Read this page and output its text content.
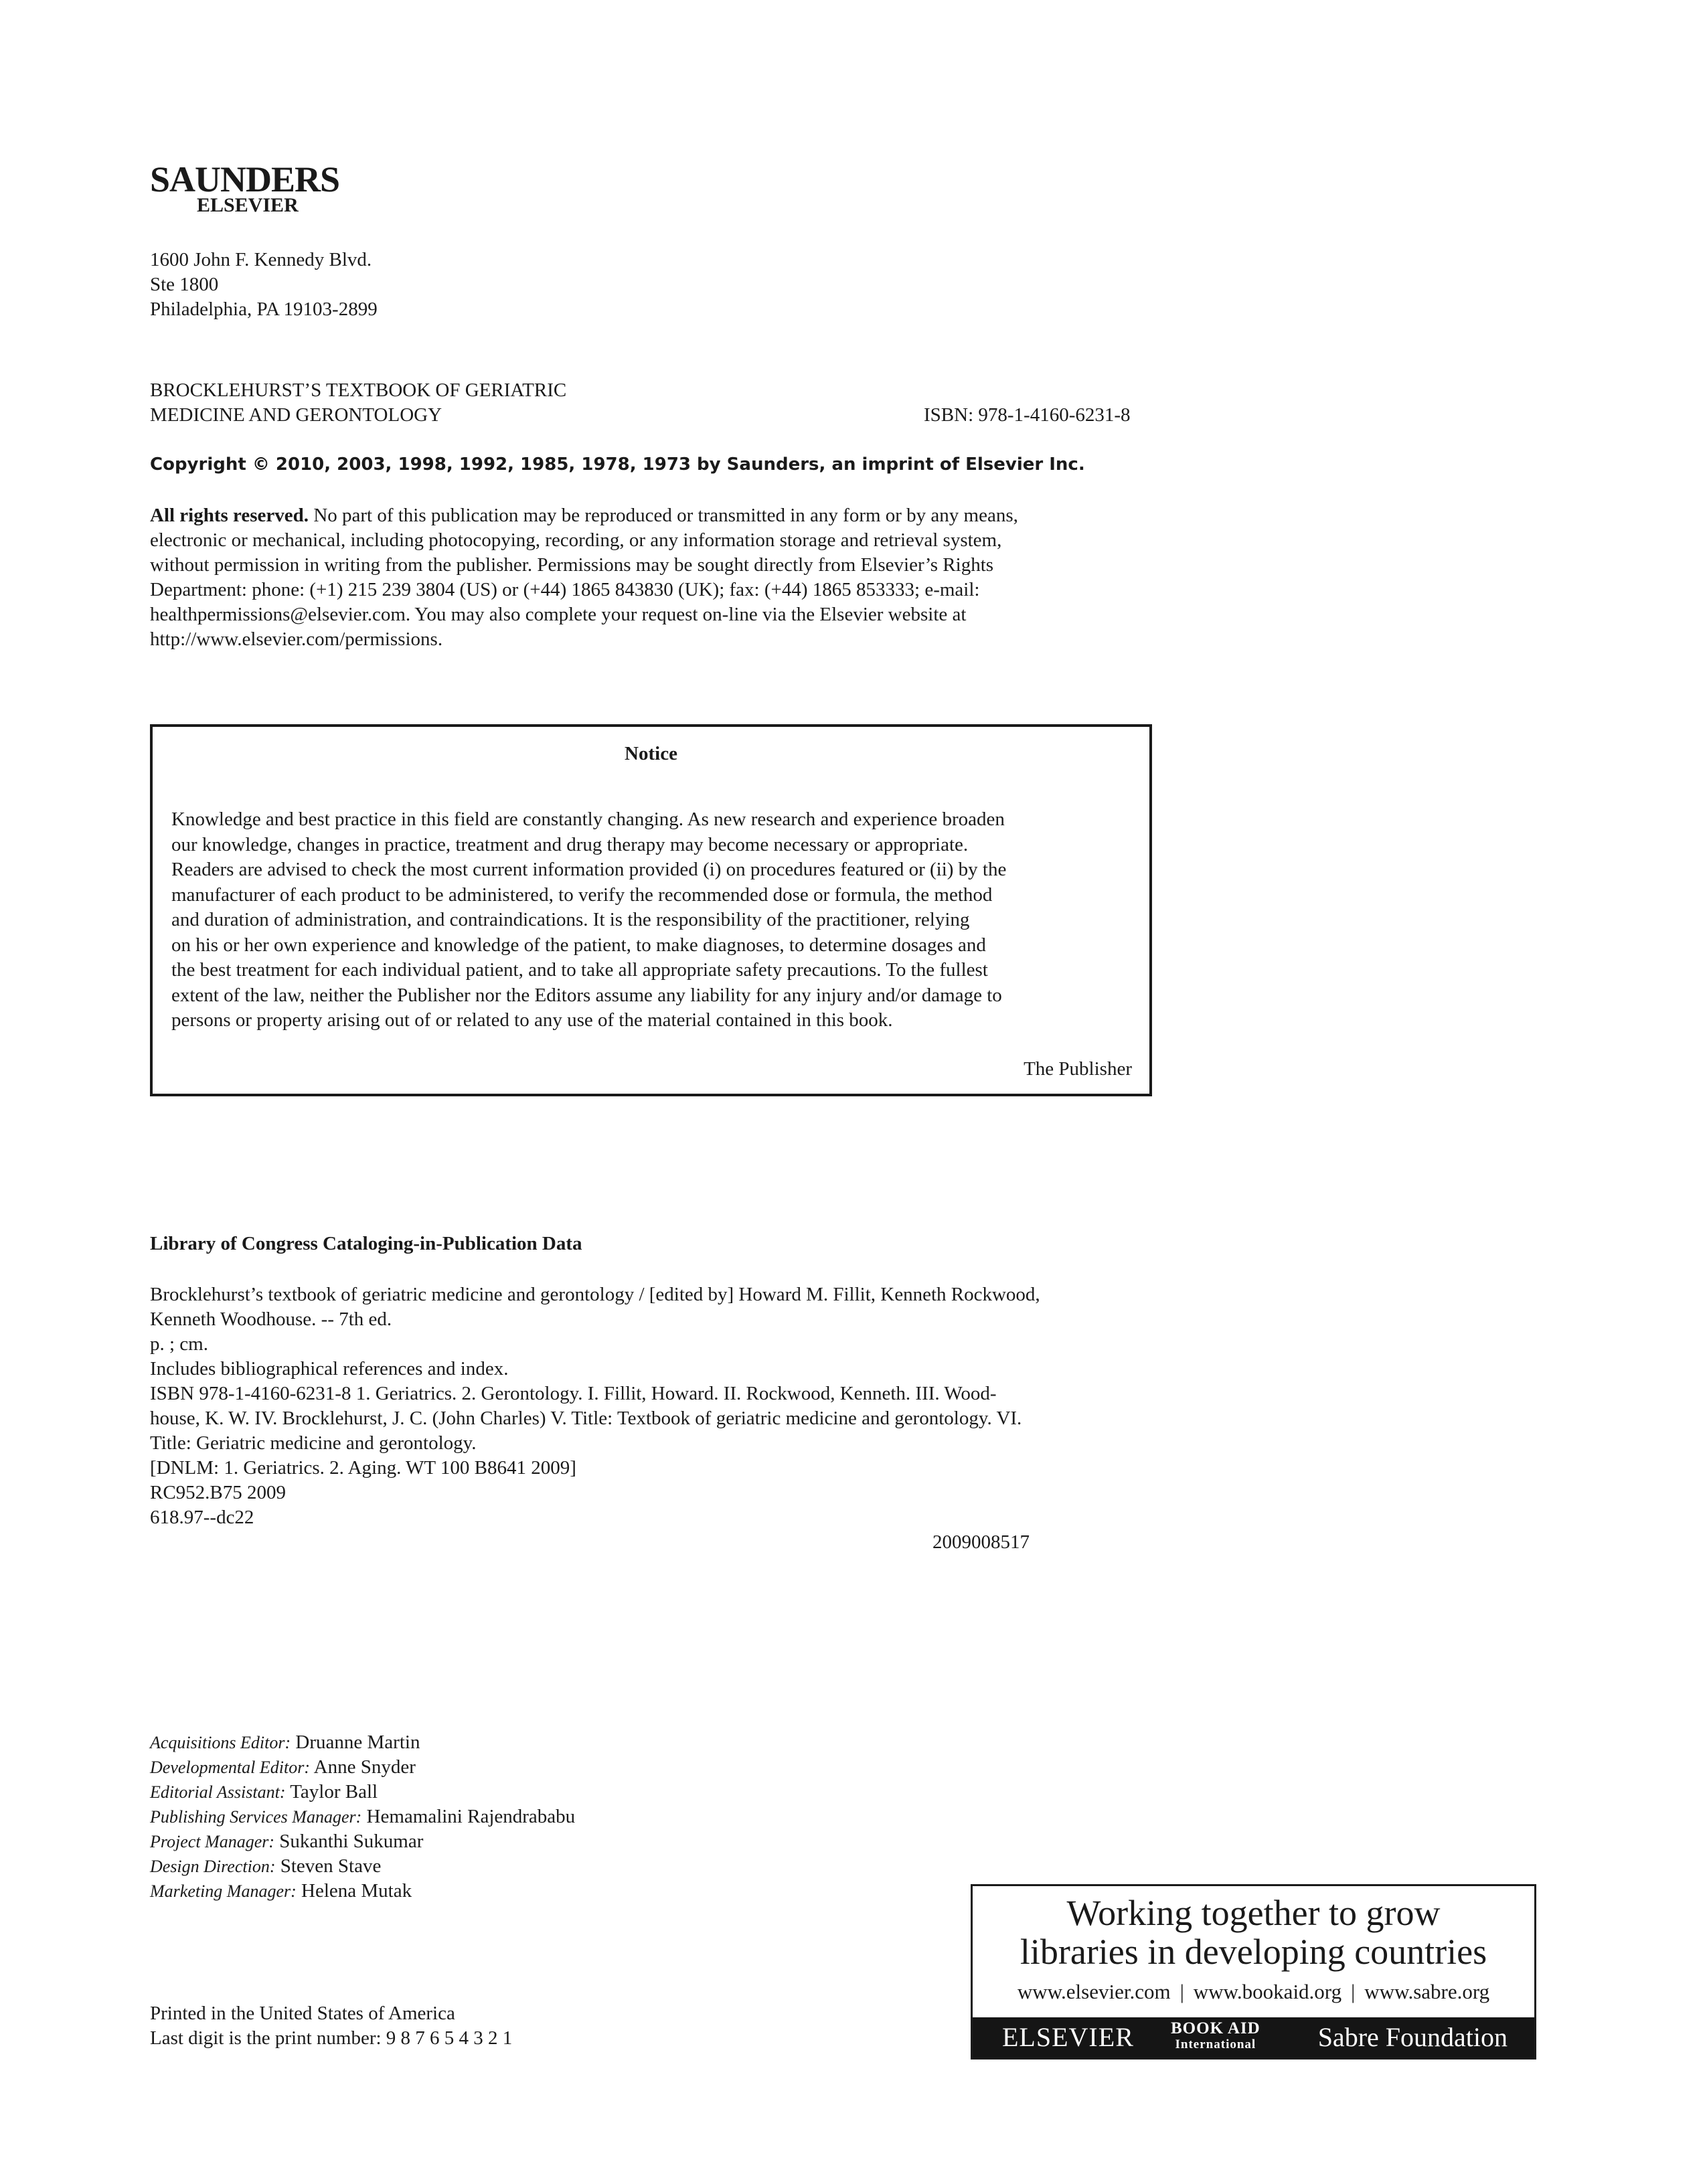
SAUNDERS
ELSEVIER

1600 John F. Kennedy Blvd.

Ste 1800

Philadelphia, PA 19103-2899

BROCKLEHURST’S TEXTBOOK OF GERIATRIC

MEDICINE AND GERONTOLOGY	ISBN: 978-1-4160-6231-8

Copyright © 2010, 2003, 1998, 1992, 1985, 1978, 1973 by Saunders, an imprint of Elsevier Inc.

All rights reserved. No part of this publication may be reproduced or transmitted in any form or by any means,

electronic or mechanical, including photocopying, recording, or any information storage and retrieval system,

without permission in writing from the publisher. Permissions may be sought directly from Elsevier’s Rights

Department: phone: (+1) 215 239 3804 (US) or (+44) 1865 843830 (UK); fax: (+44) 1865 853333; e-mail:

healthpermissions@elsevier.com. You may also complete your request on-line via the Elsevier website at

http://www.elsevier.com/permissions.

Notice

Knowledge and best practice in this field are constantly changing. As new research and experience broaden
our knowledge, changes in practice, treatment and drug therapy may become necessary or appropriate.
Readers are advised to check the most current information provided (i) on procedures featured or (ii) by the
manufacturer of each product to be administered, to verify the recommended dose or formula, the method
and duration of administration, and contraindications. It is the responsibility of the practitioner, relying
on his or her own experience and knowledge of the patient, to make diagnoses, to determine dosages and
the best treatment for each individual patient, and to take all appropriate safety precautions. To the fullest
extent of the law, neither the Publisher nor the Editors assume any liability for any injury and/or damage to
persons or property arising out of or related to any use of the material contained in this book.

The Publisher

Library of Congress Cataloging-in-Publication Data

Brocklehurst’s textbook of geriatric medicine and gerontology / [edited by] Howard M. Fillit, Kenneth Rockwood,
Kenneth Woodhouse. -- 7th ed.
p. ; cm.
Includes bibliographical references and index.
ISBN 978-1-4160-6231-8 1. Geriatrics. 2. Gerontology. I. Fillit, Howard. II. Rockwood, Kenneth. III. Wood-
house, K. W. IV. Brocklehurst, J. C. (John Charles) V. Title: Textbook of geriatric medicine and gerontology. VI.
Title: Geriatric medicine and gerontology.
[DNLM: 1. Geriatrics. 2. Aging. WT 100 B8641 2009]
RC952.B75 2009
618.97--dc22

2009008517

Acquisitions Editor: Druanne Martin

Developmental Editor: Anne Snyder

Editorial Assistant: Taylor Ball

Publishing Services Manager: Hemamalini Rajendrababu

Project Manager: Sukanthi Sukumar

Design Direction: Steven Stave

Marketing Manager: Helena Mutak

Printed in the United States of America

Last digit is the print number: 9 8 7 6 5 4 3 2 1

Working together to grow

libraries in developing countries

www.elsevier.com | www.bookaid.org | www.sabre.org

ELSEVIER BOOK AID
International Sabre Foundation
